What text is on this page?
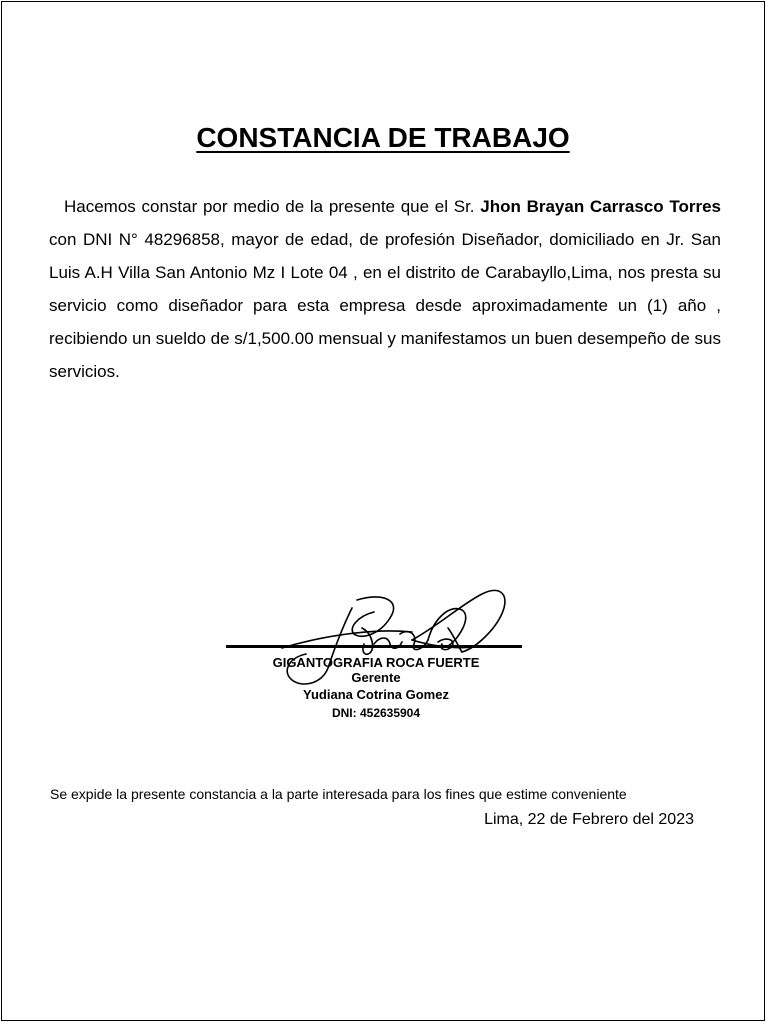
CONSTANCIA DE TRABAJO
Hacemos constar por medio de la presente que el Sr. Jhon Brayan Carrasco Torres con DNI N° 48296858, mayor de edad, de profesión Diseñador, domiciliado en Jr. San Luis A.H Villa San Antonio Mz I Lote 04 , en el distrito de Carabayllo,Lima, nos presta su servicio como diseñador para esta empresa desde aproximadamente un (1) año , recibiendo un sueldo de s/1,500.00 mensual y manifestamos un buen desempeño de sus servicios.
GIGANTOGRAFIA ROCA FUERTE
Gerente
Yudiana Cotrina Gomez
DNI: 452635904
Se expide la presente constancia a la parte interesada para los fines que estime conveniente
Lima, 22 de Febrero del 2023
